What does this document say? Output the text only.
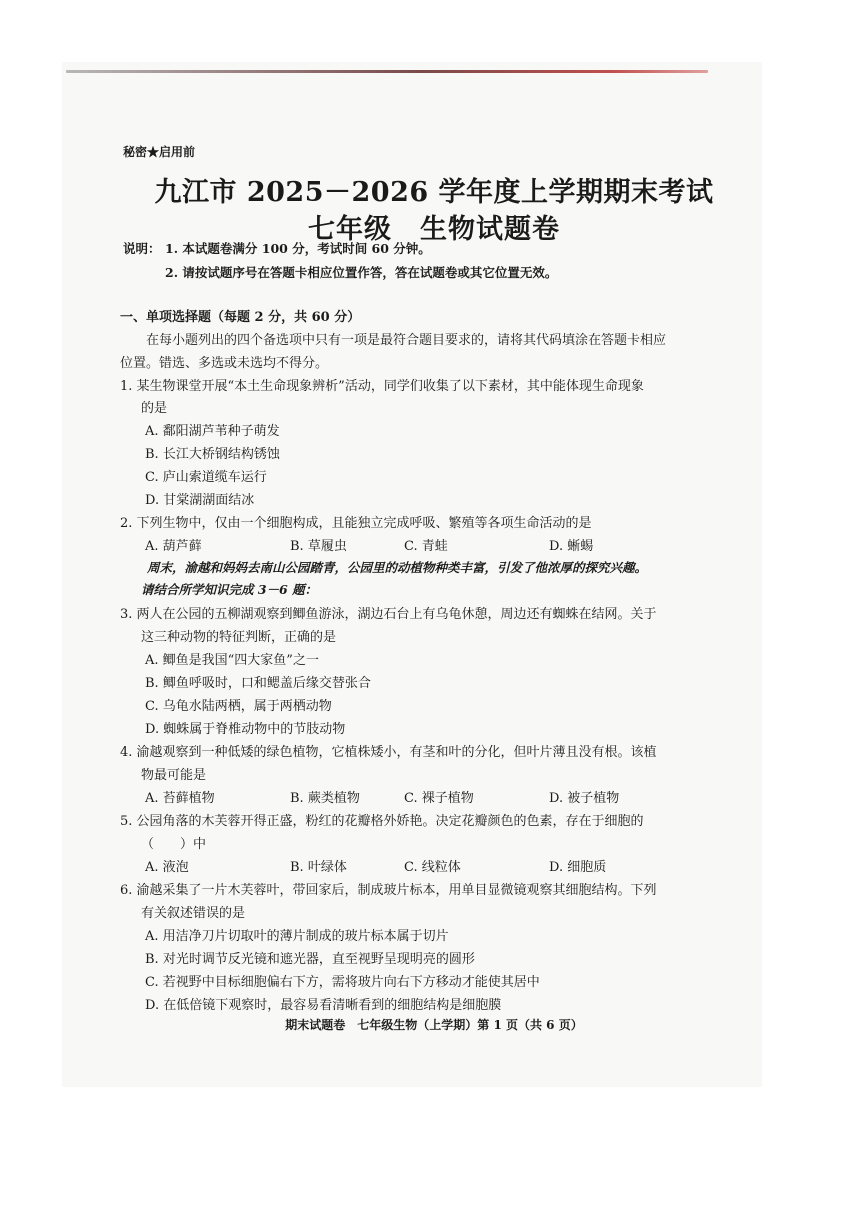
秘密★启用前
九江市 2025－2026 学年度上学期期末考试
七年级　生物试题卷
说明： 1. 本试题卷满分 100 分，考试时间 60 分钟。
2. 请按试题序号在答题卡相应位置作答，答在试题卷或其它位置无效。
一、单项选择题（每题 2 分，共 60 分）
在每小题列出的四个备选项中只有一项是最符合题目要求的，请将其代码填涂在答题卡相应
位置。错选、多选或未选均不得分。
1. 某生物课堂开展“本土生命现象辨析”活动，同学们收集了以下素材，其中能体现生命现象
的是
A. 鄱阳湖芦苇种子萌发
B. 长江大桥钢结构锈蚀
C. 庐山索道缆车运行
D. 甘棠湖湖面结冰
2. 下列生物中，仅由一个细胞构成，且能独立完成呼吸、繁殖等各项生命活动的是
A. 葫芦藓	B. 草履虫	C. 青蛙	D. 蜥蜴
周末，渝越和妈妈去南山公园踏青，公园里的动植物种类丰富，引发了他浓厚的探究兴趣。
请结合所学知识完成 3－6 题：
3. 两人在公园的五柳湖观察到鲫鱼游泳，湖边石台上有乌龟休憩，周边还有蜘蛛在结网。关于
这三种动物的特征判断，正确的是
A. 鲫鱼是我国“四大家鱼”之一
B. 鲫鱼呼吸时，口和鳃盖后缘交替张合
C. 乌龟水陆两栖，属于两栖动物
D. 蜘蛛属于脊椎动物中的节肢动物
4. 渝越观察到一种低矮的绿色植物，它植株矮小，有茎和叶的分化，但叶片薄且没有根。该植
物最可能是
A. 苔藓植物	B. 蕨类植物	C. 裸子植物	D. 被子植物
5. 公园角落的木芙蓉开得正盛，粉红的花瓣格外娇艳。决定花瓣颜色的色素，存在于细胞的
（　　）中
A. 液泡	B. 叶绿体	C. 线粒体	D. 细胞质
6. 渝越采集了一片木芙蓉叶，带回家后，制成玻片标本，用单目显微镜观察其细胞结构。下列
有关叙述错误的是
A. 用洁净刀片切取叶的薄片制成的玻片标本属于切片
B. 对光时调节反光镜和遮光器，直至视野呈现明亮的圆形
C. 若视野中目标细胞偏右下方，需将玻片向右下方移动才能使其居中
D. 在低倍镜下观察时，最容易看清晰看到的细胞结构是细胞膜
期末试题卷　七年级生物（上学期）第 1 页（共 6 页）
